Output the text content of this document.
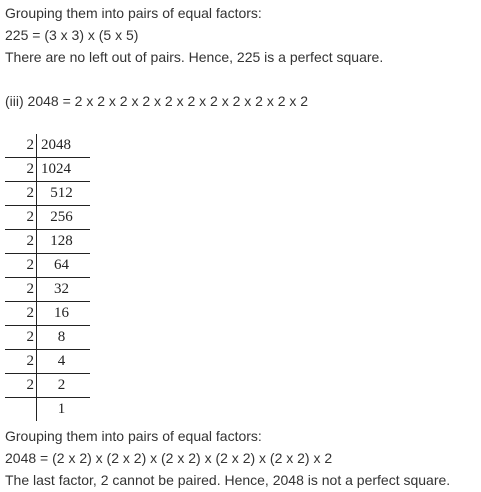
Grouping them into pairs of equal factors:

225 = (3 x 3) x (5 x 5)

There are no left out of pairs. Hence, 225 is a perfect square.

(iii) 2048 = 2 x 2 x 2 x 2 x 2 x 2 x 2 x 2 x 2 x 2 x 2

2	2048
2	1024
2	512
2	256
2	128
2	64
2	32
2	16
2	8
2	4
2	2
	1

Grouping them into pairs of equal factors:

2048 = (2 x 2) x (2 x 2) x (2 x 2) x (2 x 2) x (2 x 2) x 2

The last factor, 2 cannot be paired. Hence, 2048 is not a perfect square.
